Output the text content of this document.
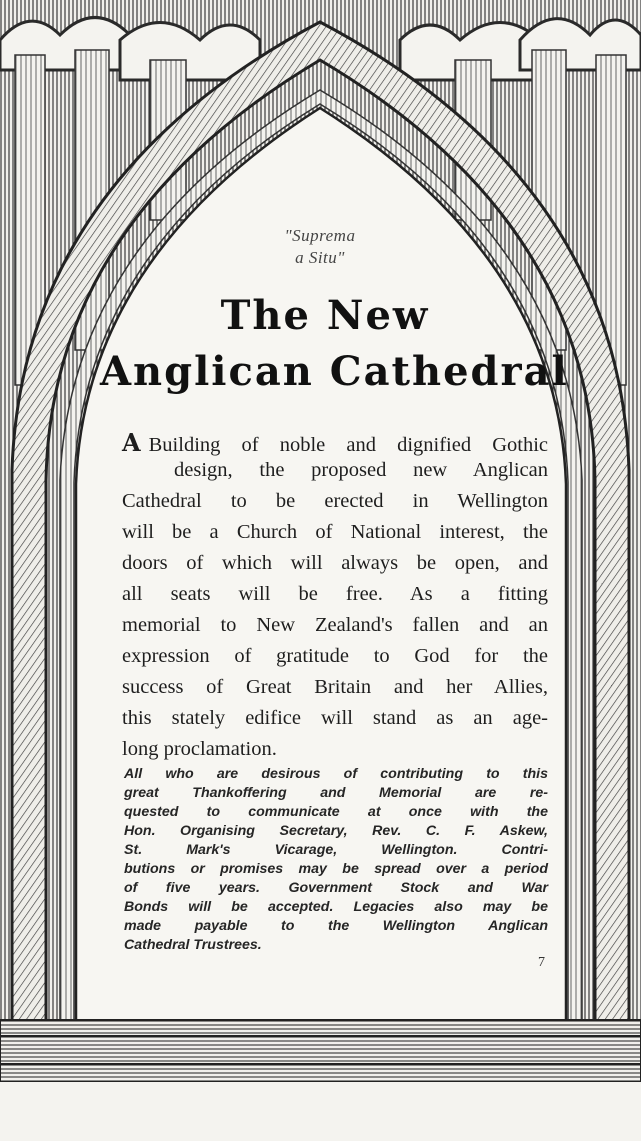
"Suprema
a Situ"
The New
Anglican Cathedral
A Building of noble and dignified Gothic
design, the proposed new Anglican
Cathedral to be erected in Wellington
will be a Church of National interest, the
doors of which will always be open, and
all seats will be free. As a fitting
memorial to New Zealand's fallen and an
expression of gratitude to God for the
success of Great Britain and her Allies,
this stately edifice will stand as an age-
long proclamation.
All who are desirous of contributing to this
great Thankoffering and Memorial are re-
quested to communicate at once with the
Hon. Organising Secretary, Rev. C. F. Askew,
St. Mark's Vicarage, Wellington. Contri-
butions or promises may be spread over a period
of five years. Government Stock and War
Bonds will be accepted. Legacies also may be
made payable to the Wellington Anglican
Cathedral Trustrees.
7
